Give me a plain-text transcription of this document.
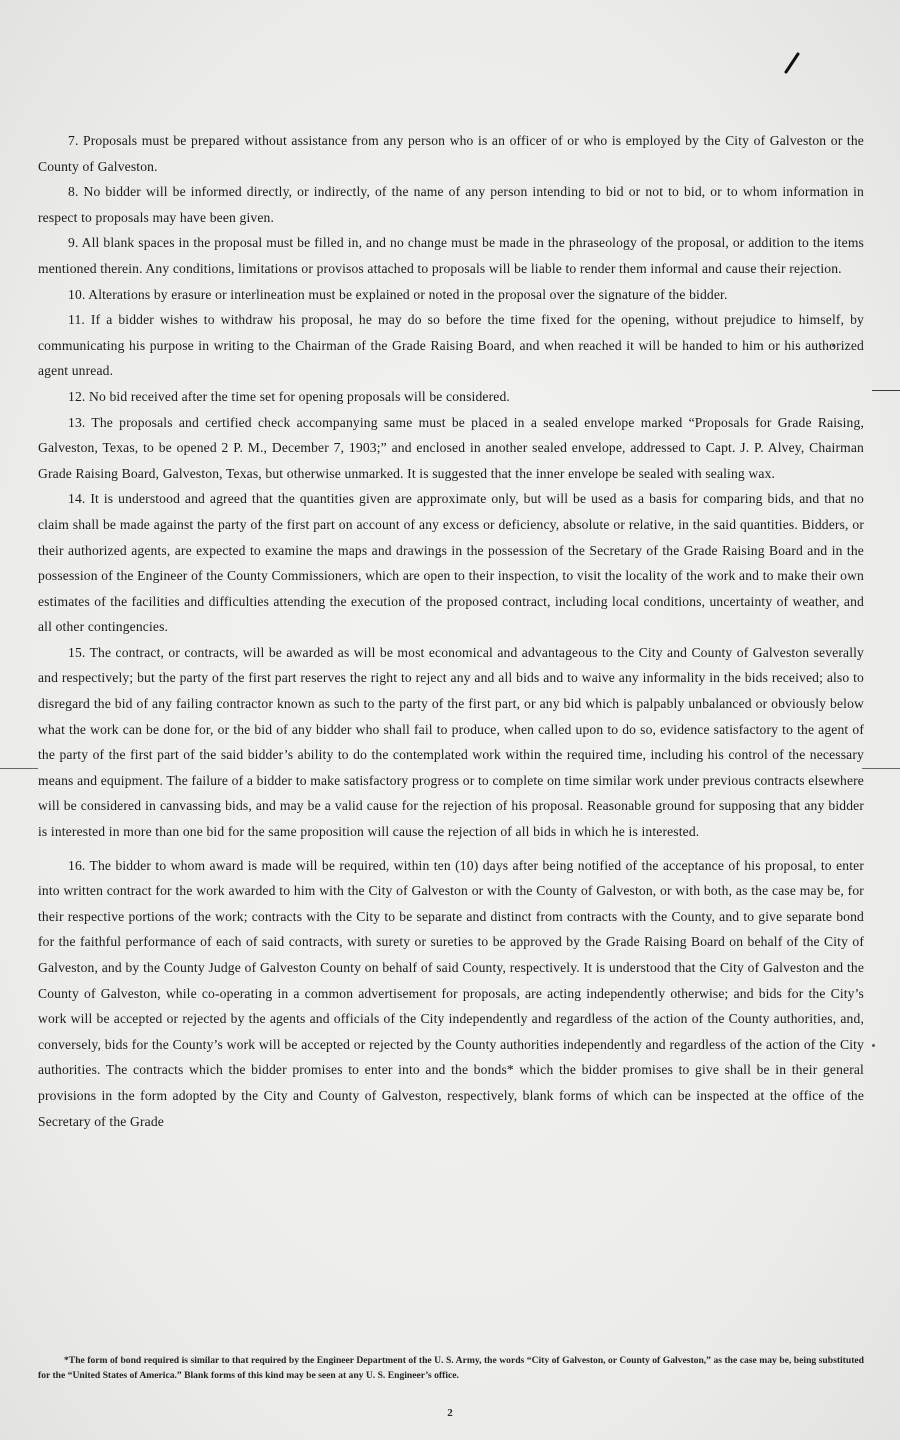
7. Proposals must be prepared without assistance from any person who is an officer of or who is employed by the City of Galveston or the County of Galveston.

8. No bidder will be informed directly, or indirectly, of the name of any person intending to bid or not to bid, or to whom information in respect to proposals may have been given.

9. All blank spaces in the proposal must be filled in, and no change must be made in the phraseology of the proposal, or addition to the items mentioned therein. Any conditions, limitations or provisos attached to proposals will be liable to render them informal and cause their rejection.

10. Alterations by erasure or interlineation must be explained or noted in the proposal over the signature of the bidder.

11. If a bidder wishes to withdraw his proposal, he may do so before the time fixed for the opening, without prejudice to himself, by communicating his purpose in writing to the Chairman of the Grade Raising Board, and when reached it will be handed to him or his authorized agent unread.

12. No bid received after the time set for opening proposals will be considered.

13. The proposals and certified check accompanying same must be placed in a sealed envelope marked “Proposals for Grade Raising, Galveston, Texas, to be opened 2 P. M., December 7, 1903;” and enclosed in another sealed envelope, addressed to Capt. J. P. Alvey, Chairman Grade Raising Board, Galveston, Texas, but otherwise unmarked. It is suggested that the inner envelope be sealed with sealing wax.

14. It is understood and agreed that the quantities given are approximate only, but will be used as a basis for comparing bids, and that no claim shall be made against the party of the first part on account of any excess or deficiency, absolute or relative, in the said quantities. Bidders, or their authorized agents, are expected to examine the maps and drawings in the possession of the Secretary of the Grade Raising Board and in the possession of the Engineer of the County Commissioners, which are open to their inspection, to visit the locality of the work and to make their own estimates of the facilities and difficulties attending the execution of the proposed contract, including local conditions, uncertainty of weather, and all other contingencies.

15. The contract, or contracts, will be awarded as will be most economical and advantageous to the City and County of Galveston severally and respectively; but the party of the first part reserves the right to reject any and all bids and to waive any informality in the bids received; also to disregard the bid of any failing contractor known as such to the party of the first part, or any bid which is palpably unbalanced or obviously below what the work can be done for, or the bid of any bidder who shall fail to produce, when called upon to do so, evidence satisfactory to the agent of the party of the first part of the said bidder’s ability to do the contemplated work within the required time, including his control of the necessary means and equipment. The failure of a bidder to make satisfactory progress or to complete on time similar work under previous contracts elsewhere will be considered in canvassing bids, and may be a valid cause for the rejection of his proposal. Reasonable ground for supposing that any bidder is interested in more than one bid for the same proposition will cause the rejection of all bids in which he is interested.

16. The bidder to whom award is made will be required, within ten (10) days after being notified of the acceptance of his proposal, to enter into written contract for the work awarded to him with the City of Galveston or with the County of Galveston, or with both, as the case may be, for their respective portions of the work; contracts with the City to be separate and distinct from contracts with the County, and to give separate bond for the faithful performance of each of said contracts, with surety or sureties to be approved by the Grade Raising Board on behalf of the City of Galveston, and by the County Judge of Galveston County on behalf of said County, respectively. It is understood that the City of Galveston and the County of Galveston, while co-operating in a common advertisement for proposals, are acting independently otherwise; and bids for the City’s work will be accepted or rejected by the agents and officials of the City independently and regardless of the action of the County authorities, and, conversely, bids for the County’s work will be accepted or rejected by the County authorities independently and regardless of the action of the City authorities. The contracts which the bidder promises to enter into and the bonds* which the bidder promises to give shall be in their general provisions in the form adopted by the City and County of Galveston, respectively, blank forms of which can be inspected at the office of the Secretary of the Grade

*The form of bond required is similar to that required by the Engineer Department of the U. S. Army, the words “City of Galveston, or County of Galveston,” as the case may be, being substituted for the “United States of America.” Blank forms of this kind may be seen at any U. S. Engineer’s office.
2
